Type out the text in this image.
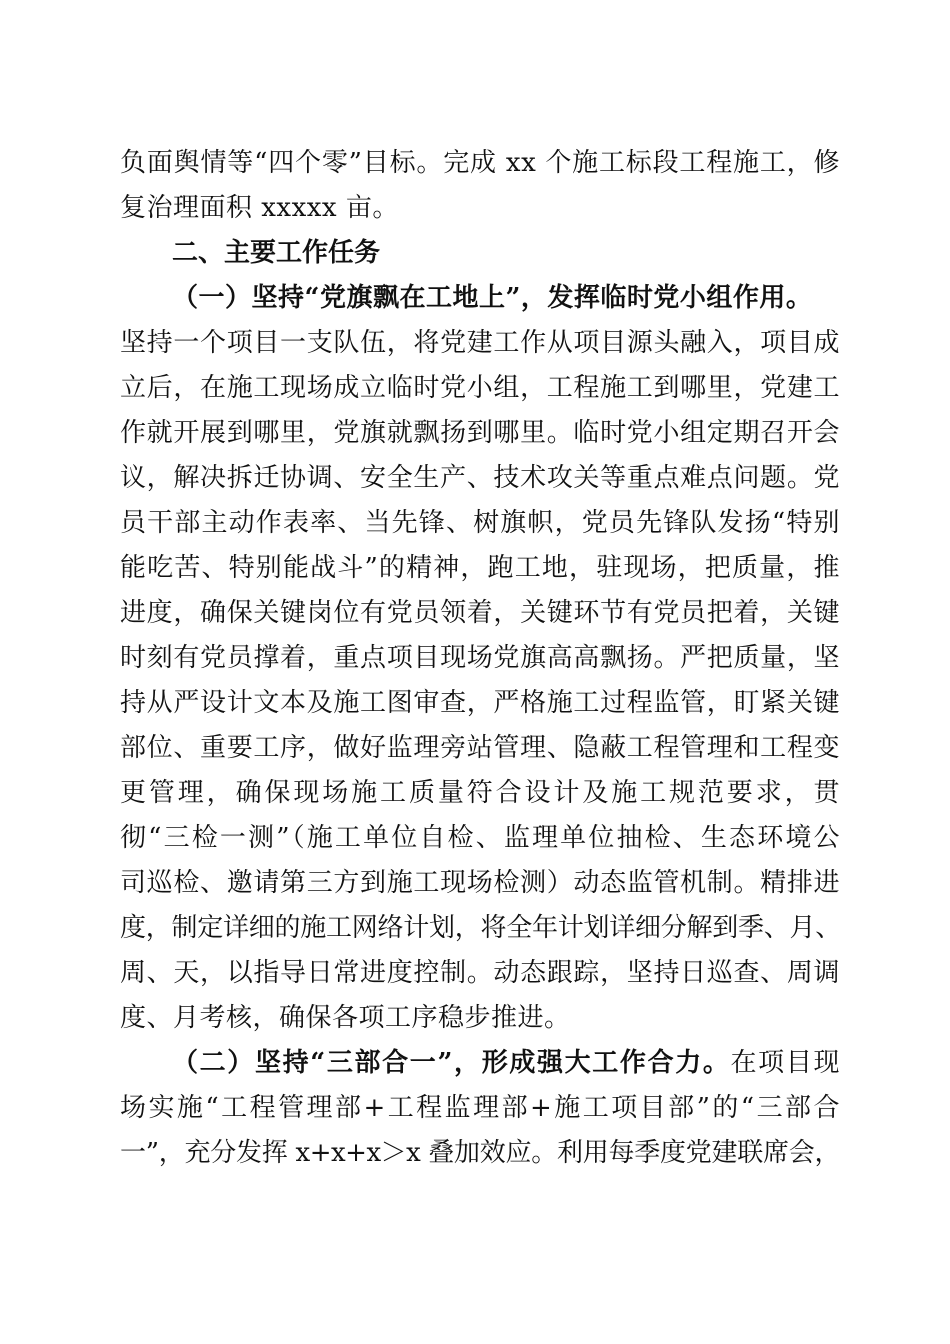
负面舆情等“四个零”目标。完成 xx 个施工标段工程施工，修
复治理面积 xxxxx 亩。
二、主要工作任务
（一）坚持“党旗飘在工地上”，发挥临时党小组作用。
坚持一个项目一支队伍，将党建工作从项目源头融入，项目成
立后，在施工现场成立临时党小组，工程施工到哪里，党建工
作就开展到哪里，党旗就飘扬到哪里。临时党小组定期召开会
议，解决拆迁协调、安全生产、技术攻关等重点难点问题。党
员干部主动作表率、当先锋、树旗帜，党员先锋队发扬“特别
能吃苦、特别能战斗”的精神，跑工地，驻现场，把质量，推
进度，确保关键岗位有党员领着，关键环节有党员把着，关键
时刻有党员撑着，重点项目现场党旗高高飘扬。严把质量，坚
持从严设计文本及施工图审查，严格施工过程监管，盯紧关键
部位、重要工序，做好监理旁站管理、隐蔽工程管理和工程变
更管理，确保现场施工质量符合设计及施工规范要求，贯
彻“三检一测”（施工单位自检、监理单位抽检、生态环境公
司巡检、邀请第三方到施工现场检测）动态监管机制。精排进
度，制定详细的施工网络计划，将全年计划详细分解到季、月、
周、天，以指导日常进度控制。动态跟踪，坚持日巡查、周调
度、月考核，确保各项工序稳步推进。
（二）坚持“三部合一”，形成强大工作合力。在项目现
场实施“工程管理部+工程监理部+施工项目部”的“三部合
一”，充分发挥 x+x+x＞x 叠加效应。利用每季度党建联席会，
